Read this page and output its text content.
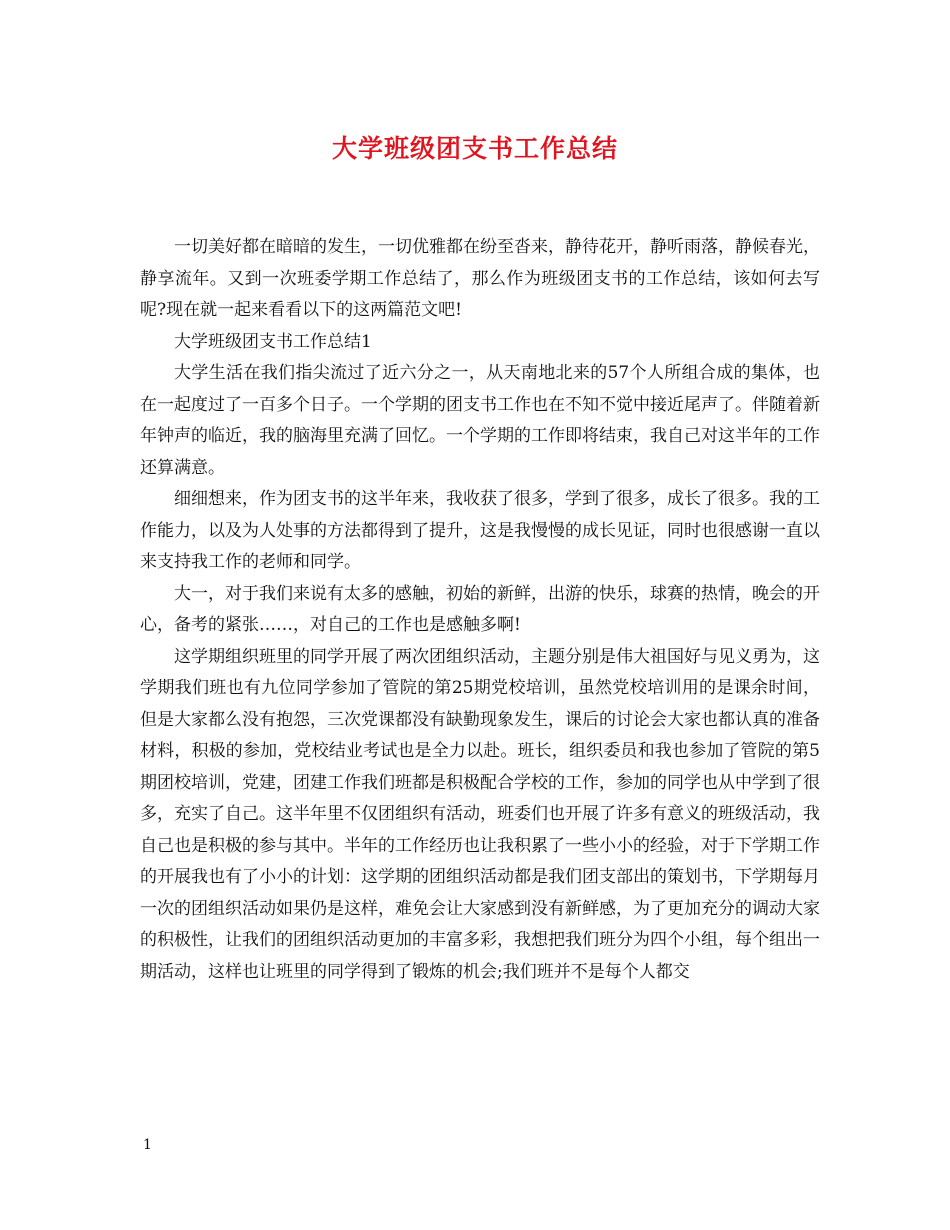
大学班级团支书工作总结

一切美好都在暗暗的发生，一切优雅都在纷至沓来，静待花开，静听雨落，静候春光，静享流年。又到一次班委学期工作总结了，那么作为班级团支书的工作总结，该如何去写呢?现在就一起来看看以下的这两篇范文吧!

大学班级团支书工作总结1

大学生活在我们指尖流过了近六分之一，从天南地北来的57个人所组合成的集体，也在一起度过了一百多个日子。一个学期的团支书工作也在不知不觉中接近尾声了。伴随着新年钟声的临近，我的脑海里充满了回忆。一个学期的工作即将结束，我自己对这半年的工作还算满意。

细细想来，作为团支书的这半年来，我收获了很多，学到了很多，成长了很多。我的工作能力，以及为人处事的方法都得到了提升，这是我慢慢的成长见证，同时也很感谢一直以来支持我工作的老师和同学。

大一，对于我们来说有太多的感触，初始的新鲜，出游的快乐，球赛的热情，晚会的开心，备考的紧张……，对自己的工作也是感触多啊!

这学期组织班里的同学开展了两次团组织活动，主题分别是伟大祖国好与见义勇为，这学期我们班也有九位同学参加了管院的第25期党校培训，虽然党校培训用的是课余时间，但是大家都么没有抱怨，三次党课都没有缺勤现象发生，课后的讨论会大家也都认真的准备材料，积极的参加，党校结业考试也是全力以赴。班长，组织委员和我也参加了管院的第5期团校培训，党建，团建工作我们班都是积极配合学校的工作，参加的同学也从中学到了很多，充实了自己。这半年里不仅团组织有活动，班委们也开展了许多有意义的班级活动，我自己也是积极的参与其中。半年的工作经历也让我积累了一些小小的经验，对于下学期工作的开展我也有了小小的计划：这学期的团组织活动都是我们团支部出的策划书，下学期每月一次的团组织活动如果仍是这样，难免会让大家感到没有新鲜感，为了更加充分的调动大家的积极性，让我们的团组织活动更加的丰富多彩，我想把我们班分为四个小组，每个组出一期活动，这样也让班里的同学得到了锻炼的机会;我们班并不是每个人都交

1
